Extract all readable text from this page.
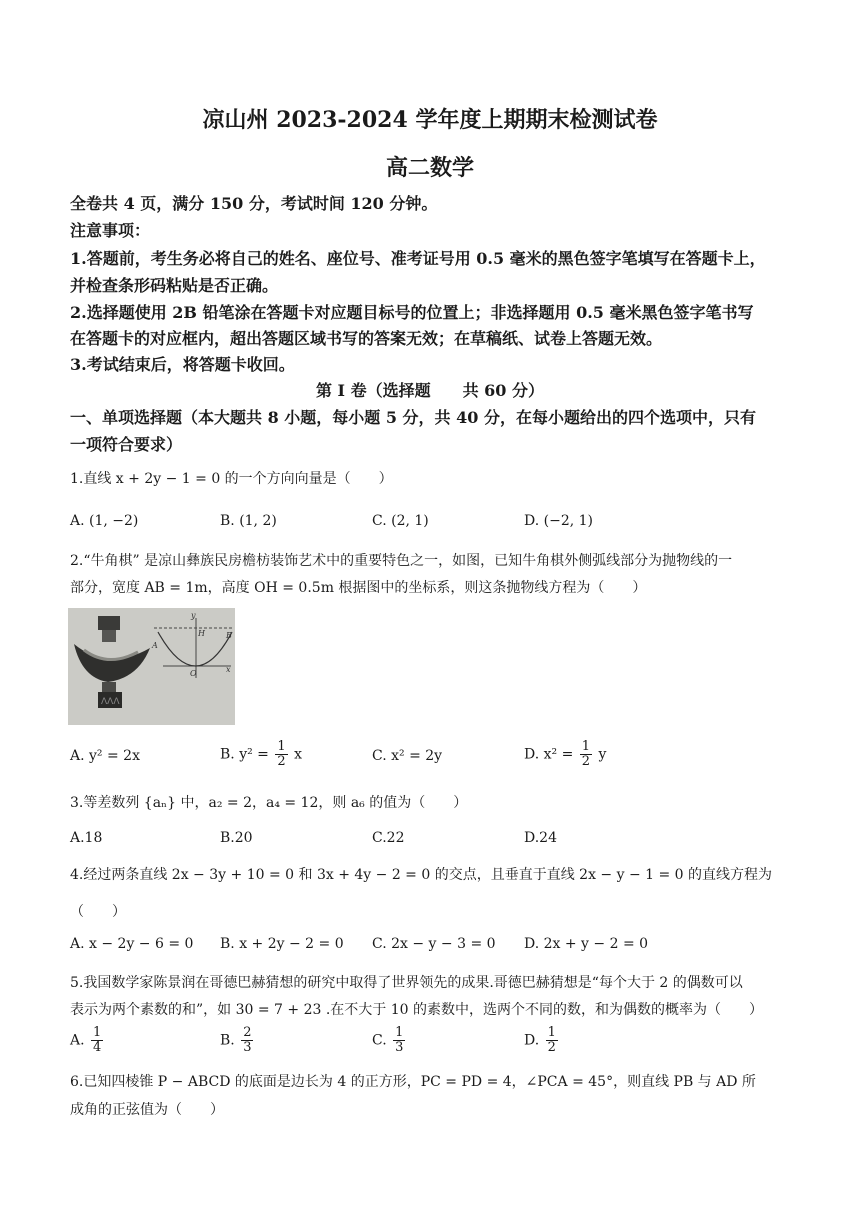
凉山州 2023-2024 学年度上期期末检测试卷
高二数学
全卷共 4 页，满分 150 分，考试时间 120 分钟。
注意事项：
1.答题前，考生务必将自己的姓名、座位号、准考证号用 0.5 毫米的黑色签字笔填写在答题卡上，
并检查条形码粘贴是否正确。
2.选择题使用 2B 铅笔涂在答题卡对应题目标号的位置上；非选择题用 0.5 毫米黑色签字笔书写
在答题卡的对应框内，超出答题区域书写的答案无效；在草稿纸、试卷上答题无效。
3.考试结束后，将答题卡收回。
第 I 卷（选择题　　共 60 分）
一、单项选择题（本大题共 8 小题，每小题 5 分，共 40 分，在每小题给出的四个选项中，只有
一项符合要求）
1.直线 x + 2y − 1 = 0 的一个方向向量是（　　）
A. (1, −2)	B. (1, 2)	C. (2, 1)	D. (−2, 1)
2.“牛角棋” 是凉山彝族民房檐枋装饰艺术中的重要特色之一，如图，已知牛角棋外侧弧线部分为抛物线的一
部分，宽度 AB = 1m，高度 OH = 0.5m 根据图中的坐标系，则这条抛物线方程为（　　）
ΛΛΛ
y
H	B
A
O	x
A. y² = 2x	B. $y^2 = \frac{1}{2}$ x	C. x² = 2y	D. $x^2 = \frac{1}{2}$ y
3.等差数列 {aₙ} 中，a₂ = 2，a₄ = 12，则 a₆ 的值为（　　）
A.18	B.20	C.22	D.24
4.经过两条直线 2x − 3y + 10 = 0 和 3x + 4y − 2 = 0 的交点，且垂直于直线 2x − y − 1 = 0 的直线方程为
（　　）
A. x − 2y − 6 = 0 B. x + 2y − 2 = 0 C. 2x − y − 3 = 0 D. 2x + y − 2 = 0
5.我国数学家陈景润在哥德巴赫猜想的研究中取得了世界领先的成果.哥德巴赫猜想是“每个大于 2 的偶数可以
表示为两个素数的和”，如 30 = 7 + 23 .在不大于 10 的素数中，选两个不同的数，和为偶数的概率为（　　）
A. $\frac{1}{4}$	B. $\frac{2}{3}$	C. $\frac{1}{3}$	D. $\frac{1}{2}$
6.已知四棱锥 P − ABCD 的底面是边长为 4 的正方形，PC = PD = 4，∠PCA = 45°，则直线 PB 与 AD 所
成角的正弦值为（　　）
